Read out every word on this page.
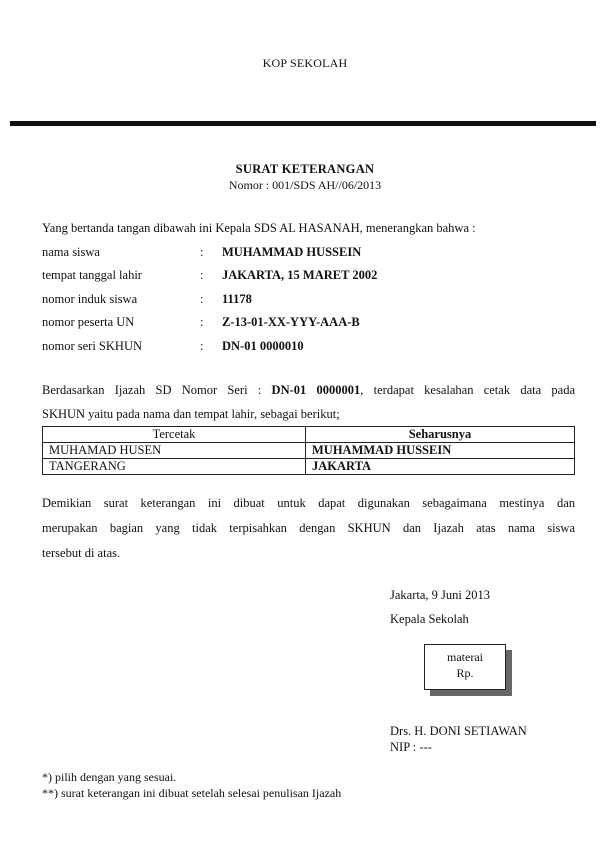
KOP SEKOLAH
SURAT KETERANGAN
Nomor : 001/SDS AH//06/2013
Yang bertanda tangan dibawah ini Kepala SDS AL HASANAH, menerangkan bahwa :
nama siswa	: MUHAMMAD HUSSEIN
tempat tanggal lahir	: JAKARTA, 15 MARET 2002
nomor induk siswa	: 11178
nomor peserta UN	: Z-13-01-XX-YYY-AAA-B
nomor seri SKHUN	: DN-01 0000010
Berdasarkan Ijazah SD Nomor Seri : DN-01 0000001, terdapat kesalahan cetak data pada
SKHUN yaitu pada nama dan tempat lahir, sebagai berikut;
Tercetak	Seharusnya
MUHAMAD HUSEN	MUHAMMAD HUSSEIN
TANGERANG	JAKARTA
Demikian surat keterangan ini dibuat untuk dapat digunakan sebagaimana mestinya dan
merupakan bagian yang tidak terpisahkan dengan SKHUN dan Ijazah atas nama siswa
tersebut di atas.
Jakarta, 9 Juni 2013
Kepala Sekolah
materai
Rp.
Drs. H. DONI SETIAWAN
NIP : ---
*) pilih dengan yang sesuai.
**) surat keterangan ini dibuat setelah selesai penulisan Ijazah
